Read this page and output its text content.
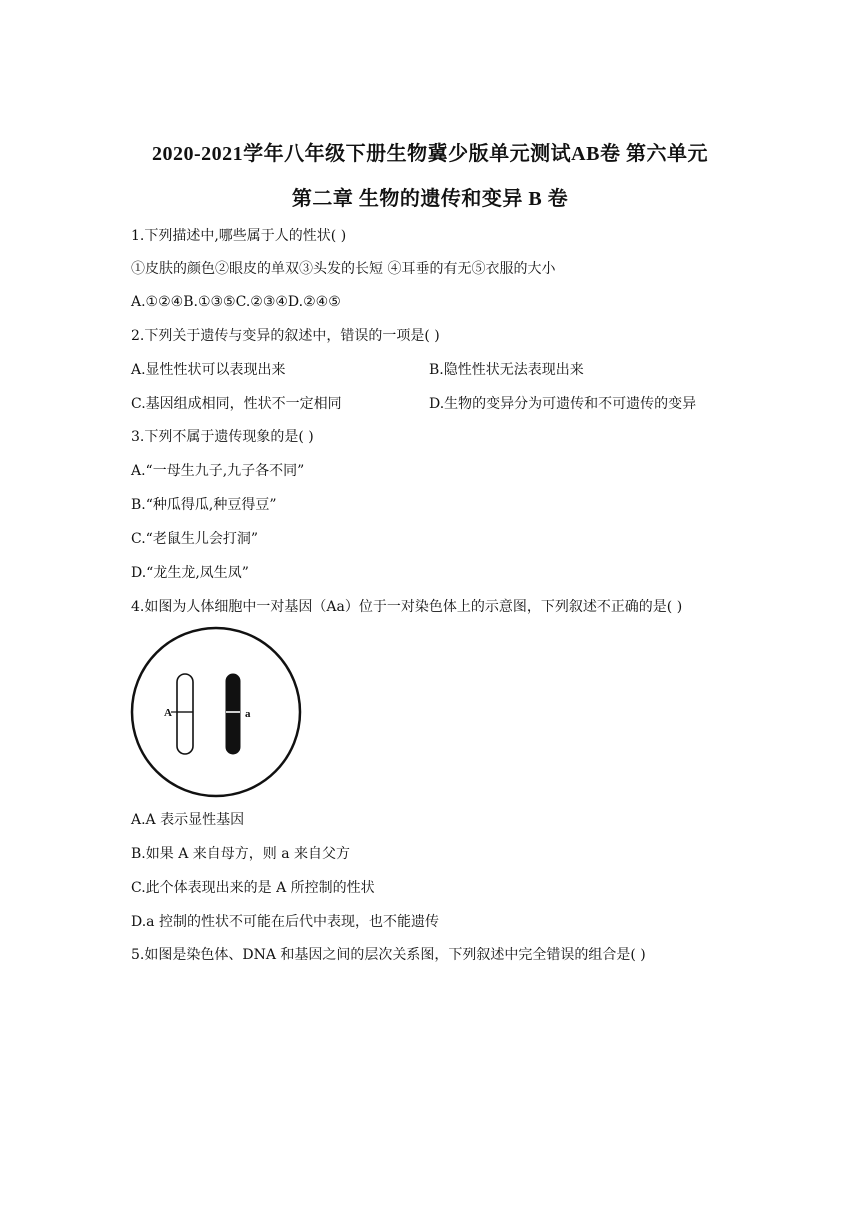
2020-2021学年八年级下册生物冀少版单元测试AB卷 第六单元
第二章 生物的遗传和变异 B 卷
1.下列描述中,哪些属于人的性状( )
①皮肤的颜色②眼皮的单双③头发的长短 ④耳垂的有无⑤衣服的大小
A.①②④B.①③⑤C.②③④D.②④⑤
2.下列关于遗传与变异的叙述中，错误的一项是( )
A.显性性状可以表现出来	B.隐性性状无法表现出来
C.基因组成相同，性状不一定相同	D.生物的变异分为可遗传和不可遗传的变异
3.下列不属于遗传现象的是( )
A.“一母生九子,九子各不同”
B.“种瓜得瓜,种豆得豆”
C.“老鼠生儿会打洞”
D.“龙生龙,凤生凤”
4.如图为人体细胞中一对基因（Aa）位于一对染色体上的示意图，下列叙述不正确的是( )
A	a
A.A 表示显性基因
B.如果 A 来自母方，则 a 来自父方
C.此个体表现出来的是 A 所控制的性状
D.a 控制的性状不可能在后代中表现，也不能遗传
5.如图是染色体、DNA 和基因之间的层次关系图，下列叙述中完全错误的组合是( )
